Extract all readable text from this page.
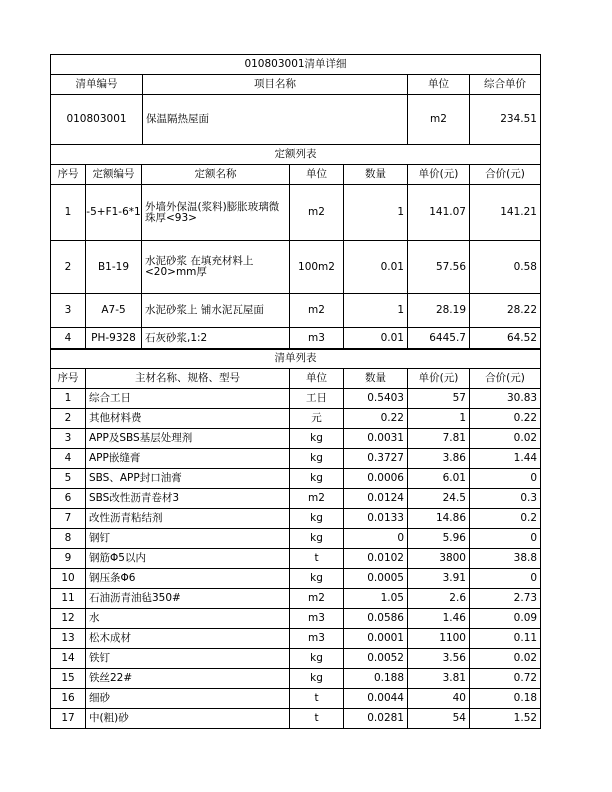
010803001清单详细			
清单编号	项目名称	单位	综合单价
010803001	保温隔热屋面	m2	234.51
定额列表						
序号	定额编号	定额名称	单位	数量	单价(元)	合价(元)
1	-5+F1-6*1	外墙外保温(浆料)膨胀玻璃微珠厚<93>	m2	1	141.07	141.21
2	B1-19	水泥砂浆 在填充材料上<20>mm厚	100m2	0.01	57.56	0.58
3	A7-5	水泥砂浆上 铺水泥瓦屋面	m2	1	28.19	28.22
4	PH-9328	石灰砂浆,1:2	m3	0.01	6445.7	64.52
清单列表					
序号	主材名称、规格、型号	单位	数量	单价(元)	合价(元)
1	综合工日	工日	0.5403	57	30.83
2	其他材料费	元	0.22	1	0.22
3	APP及SBS基层处理剂	kg	0.0031	7.81	0.02
4	APP嵌缝膏	kg	0.3727	3.86	1.44
5	SBS、APP封口油膏	kg	0.0006	6.01	0
6	SBS改性沥青卷材3	m2	0.0124	24.5	0.3
7	改性沥青粘结剂	kg	0.0133	14.86	0.2
8	钢钉	kg	0	5.96	0
9	钢筋Φ5以内	t	0.0102	3800	38.8
10	钢压条Φ6	kg	0.0005	3.91	0
11	石油沥青油毡350#	m2	1.05	2.6	2.73
12	水	m3	0.0586	1.46	0.09
13	松木成材	m3	0.0001	1100	0.11
14	铁钉	kg	0.0052	3.56	0.02
15	铁丝22#	kg	0.188	3.81	0.72
16	细砂	t	0.0044	40	0.18
17	中(粗)砂	t	0.0281	54	1.52
